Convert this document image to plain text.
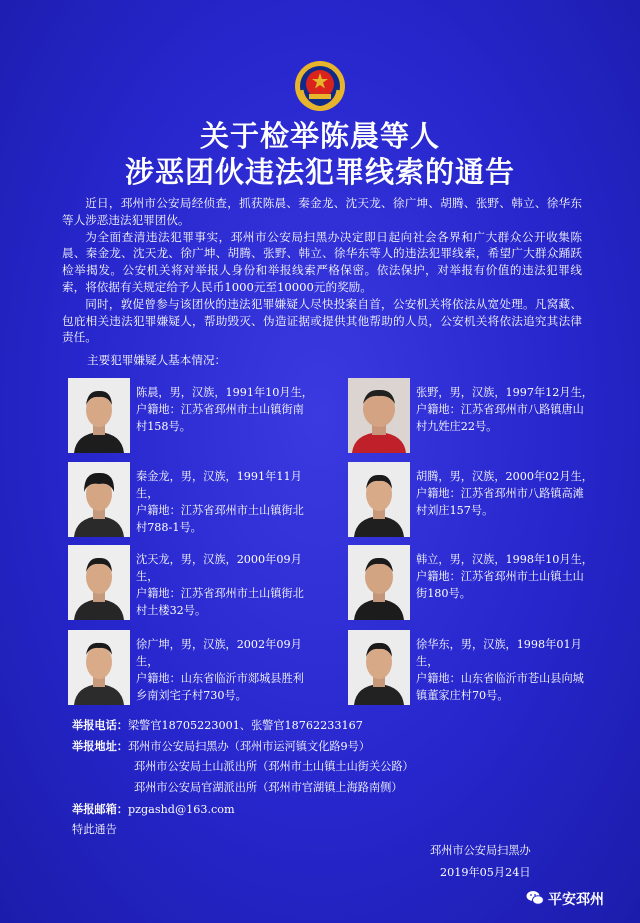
关于检举陈晨等人
涉恶团伙违法犯罪线索的通告

近日，邳州市公安局经侦查，抓获陈晨、秦金龙、沈天龙、徐广坤、胡腾、张野、韩立、徐华东等人涉恶违法犯罪团伙。

为全面查清违法犯罪事实，邳州市公安局扫黑办决定即日起向社会各界和广大群众公开收集陈晨、秦金龙、沈天龙、徐广坤、胡腾、张野、韩立、徐华东等人的违法犯罪线索，希望广大群众踊跃检举揭发。公安机关将对举报人身份和举报线索严格保密。依法保护，对举报有价值的违法犯罪线索，将依据有关规定给予人民币1000元至10000元的奖励。

同时，敦促曾参与该团伙的违法犯罪嫌疑人尽快投案自首，公安机关将依法从宽处理。凡窝藏、包庇相关违法犯罪嫌疑人，帮助毁灭、伪造证据或提供其他帮助的人员，公安机关将依法追究其法律责任。

主要犯罪嫌疑人基本情况：
陈晨，男，汉族，1991年10月生，
户籍地：江苏省邳州市土山镇街南
村158号。
张野，男，汉族，1997年12月生，
户籍地：江苏省邳州市八路镇唐山
村九姓庄22号。
秦金龙，男，汉族，1991年11月生，
户籍地：江苏省邳州市土山镇街北
村788-1号。
胡腾，男，汉族，2000年02月生，
户籍地：江苏省邳州市八路镇高滩
村刘庄157号。
沈天龙，男，汉族，2000年09月生，
户籍地：江苏省邳州市土山镇街北
村土楼32号。
韩立，男，汉族，1998年10月生，
户籍地：江苏省邳州市土山镇土山
街180号。
徐广坤，男，汉族，2002年09月生，
户籍地：山东省临沂市郯城县胜利
乡南刘宅子村730号。
徐华东，男，汉族，1998年01月生，
户籍地：山东省临沂市苍山县向城
镇董家庄村70号。
举报电话：梁警官18705223001、张警官18762233167
举报地址：邳州市公安局扫黑办（邳州市运河镇文化路9号）
邳州市公安局土山派出所（邳州市土山镇土山街关公路）
邳州市公安局官湖派出所（邳州市官湖镇上海路南侧）
举报邮箱：pzgashd@163.com
特此通告
邳州市公安局扫黑办
2019年05月24日
平安邳州
